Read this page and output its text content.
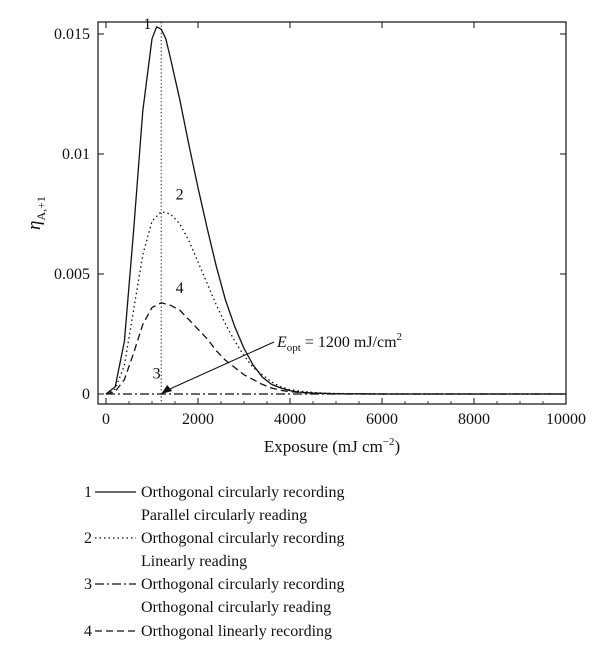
0	2000	4000	6000	8000	10000
0
0.005
0.01
0.015
1
2
3
4
$\eta_{A,+1}$
Exposure (mJ $cm^{-2}$)
$E_{opt} = 1200$ $mJ/cm^2$
1	Orthogonal circularly recording
2
Parallel circularly reading
Orthogonal circularly recording
3
Linearly reading
Orthogonal circularly recording
4
Orthogonal circularly reading
Orthogonal linearly recording
